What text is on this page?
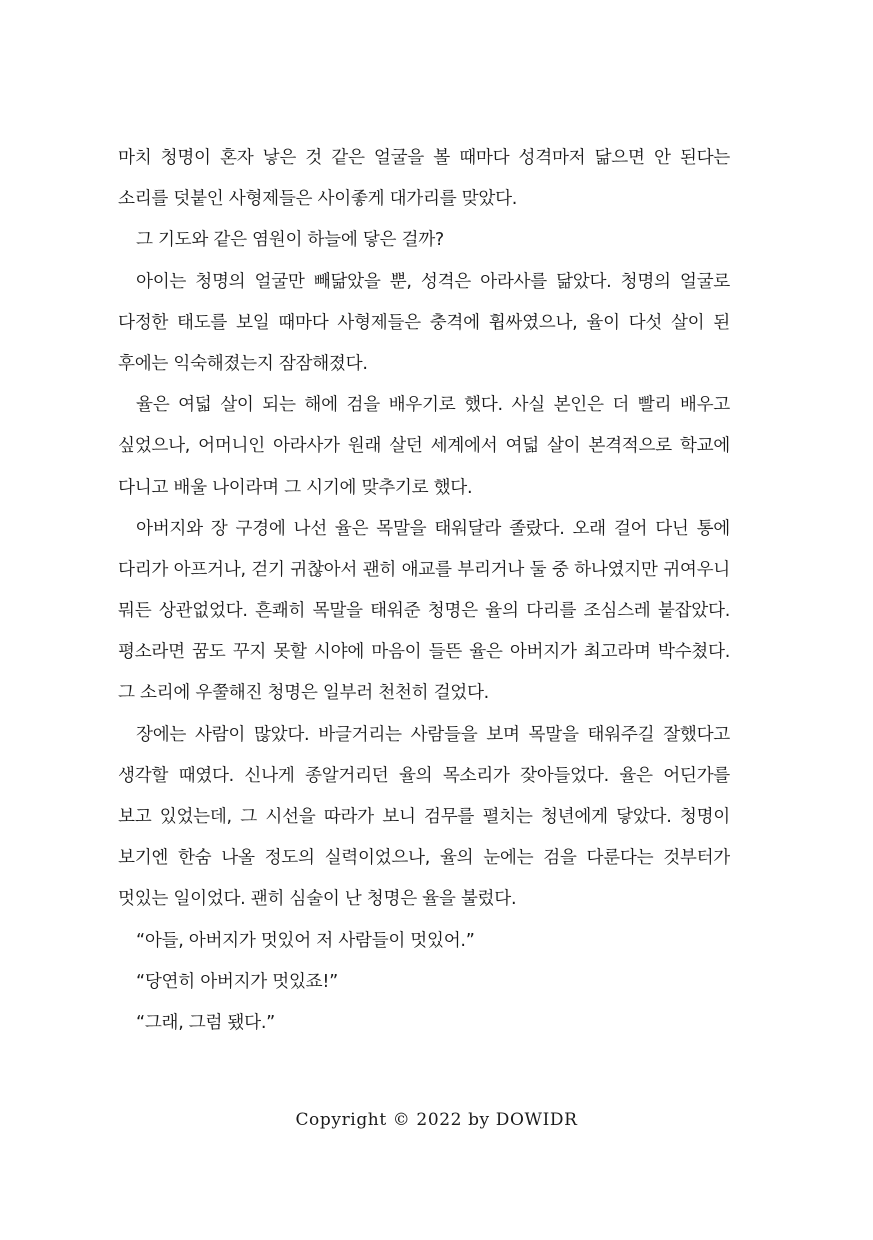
마치 청명이 혼자 낳은 것 같은 얼굴을 볼 때마다 성격마저 닮으면 안 된다는
소리를 덧붙인 사형제들은 사이좋게 대가리를 맞았다.
그 기도와 같은 염원이 하늘에 닿은 걸까?
아이는 청명의 얼굴만 빼닮았을 뿐, 성격은 아라사를 닮았다. 청명의 얼굴로
다정한 태도를 보일 때마다 사형제들은 충격에 휩싸였으나, 율이 다섯 살이 된
후에는 익숙해졌는지 잠잠해졌다.
율은 여덟 살이 되는 해에 검을 배우기로 했다. 사실 본인은 더 빨리 배우고
싶었으나, 어머니인 아라사가 원래 살던 세계에서 여덟 살이 본격적으로 학교에
다니고 배울 나이라며 그 시기에 맞추기로 했다.
아버지와 장 구경에 나선 율은 목말을 태워달라 졸랐다. 오래 걸어 다닌 통에
다리가 아프거나, 걷기 귀찮아서 괜히 애교를 부리거나 둘 중 하나였지만 귀여우니
뭐든 상관없었다. 흔쾌히 목말을 태워준 청명은 율의 다리를 조심스레 붙잡았다.
평소라면 꿈도 꾸지 못할 시야에 마음이 들뜬 율은 아버지가 최고라며 박수쳤다.
그 소리에 우쭐해진 청명은 일부러 천천히 걸었다.
장에는 사람이 많았다. 바글거리는 사람들을 보며 목말을 태워주길 잘했다고
생각할 때였다. 신나게 종알거리던 율의 목소리가 잦아들었다. 율은 어딘가를
보고 있었는데, 그 시선을 따라가 보니 검무를 펼치는 청년에게 닿았다. 청명이
보기엔 한숨 나올 정도의 실력이었으나, 율의 눈에는 검을 다룬다는 것부터가
멋있는 일이었다. 괜히 심술이 난 청명은 율을 불렀다.
“아들, 아버지가 멋있어 저 사람들이 멋있어.”
“당연히 아버지가 멋있죠!”
“그래, 그럼 됐다.”
Copyright © 2022 by DOWIDR
